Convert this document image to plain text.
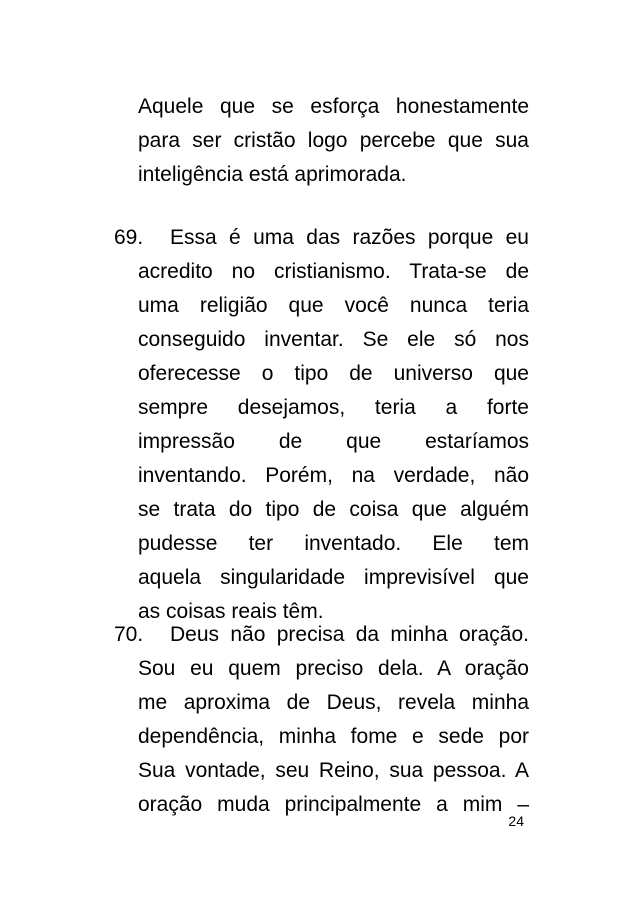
Aquele que se esforça honestamente
para ser cristão logo percebe que sua
inteligência está aprimorada.
69.	Essa é uma das razões porque eu
acredito no cristianismo. Trata-se de
uma religião que você nunca teria
conseguido inventar. Se ele só nos
oferecesse o tipo de universo que
sempre desejamos, teria a forte
impressão de que estaríamos
inventando. Porém, na verdade, não
se trata do tipo de coisa que alguém
pudesse ter inventado. Ele tem
aquela singularidade imprevisível que
as coisas reais têm.
70.	Deus não precisa da minha oração.
Sou eu quem preciso dela. A oração
me aproxima de Deus, revela minha
dependência, minha fome e sede por
Sua vontade, seu Reino, sua pessoa. A
oração muda principalmente a mim –
24
